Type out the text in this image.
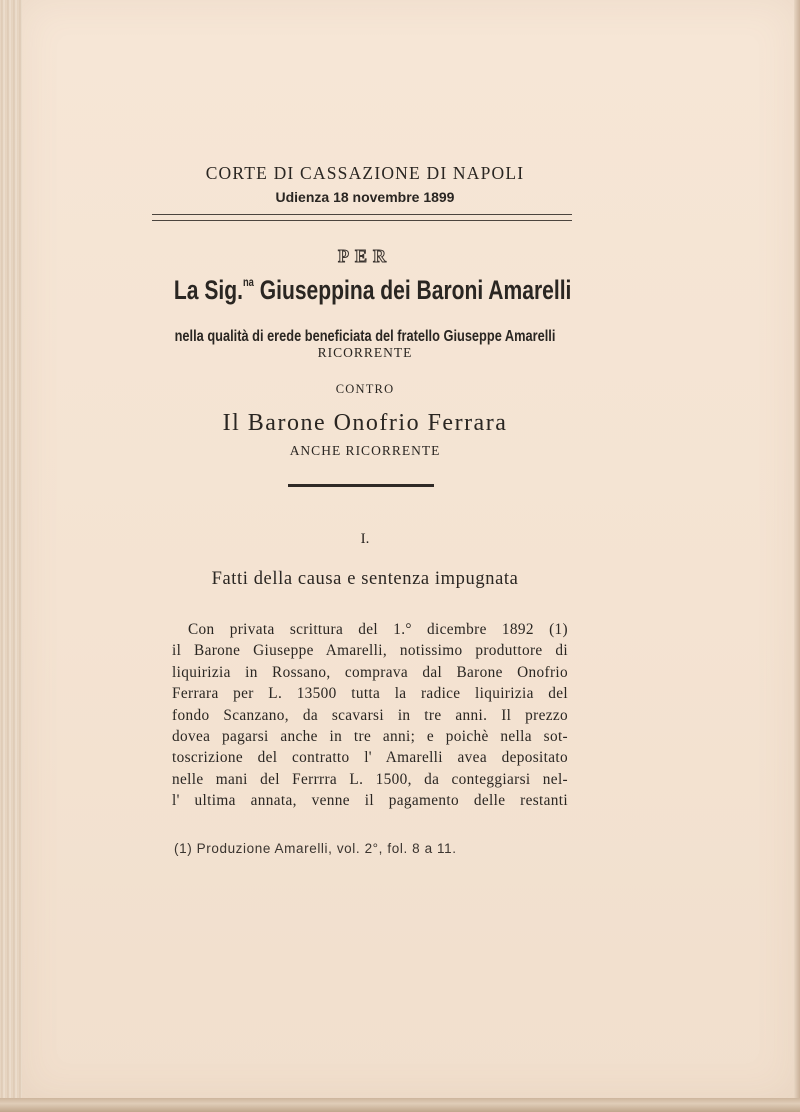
CORTE DI CASSAZIONE DI NAPOLI
Udienza 18 novembre 1899
PER
La Sig.$^{na}$ Giuseppina dei Baroni Amarelli
nella qualità di erede beneficiata del fratello Giuseppe Amarelli
RICORRENTE
CONTRO
Il Barone Onofrio Ferrara
ANCHE RICORRENTE
I.
Fatti della causa e sentenza impugnata
Con privata scrittura del 1.° dicembre 1892 (1)
il Barone Giuseppe Amarelli, notissimo produttore di
liquirizia in Rossano, comprava dal Barone Onofrio
Ferrara per L. 13500 tutta la radice liquirizia del
fondo Scanzano, da scavarsi in tre anni. Il prezzo
dovea pagarsi anche in tre anni; e poichè nella sot-
toscrizione del contratto l' Amarelli avea depositato
nelle mani del Ferrrra L. 1500, da conteggiarsi nel-
l' ultima annata, venne il pagamento delle restanti
(1) Produzione Amarelli, vol. 2°, fol. 8 a 11.
